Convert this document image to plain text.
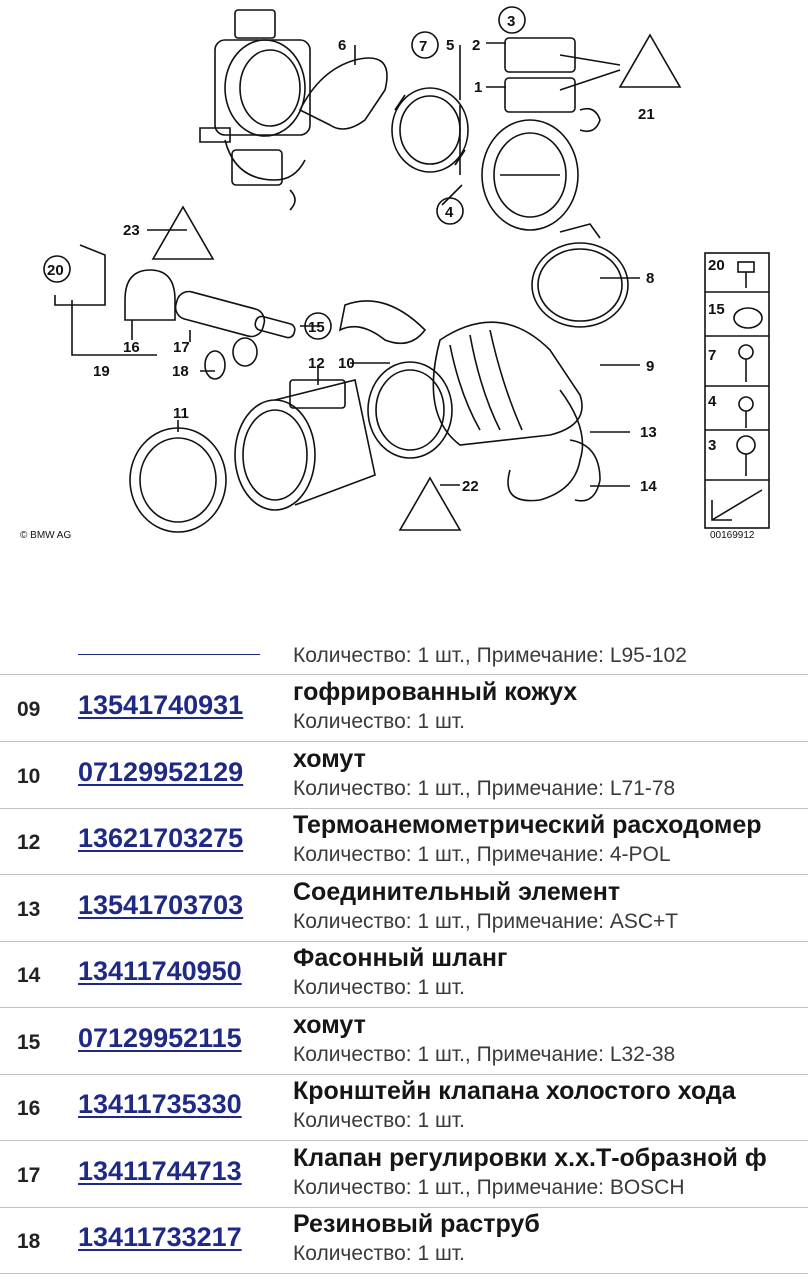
3
7 5 2
1
6
4
21
23
20	8
15
16 17
12 10	9
18
19
11
13
14
22
20
15
7
4
3
© BMW AG	00169912
Количество: 1 шт., Примечание: L95-102
09 13541740931 гофрированный кожух
Количество: 1 шт.
10 07129952129 хомут
Количество: 1 шт., Примечание: L71-78
12 13621703275 Термоанемометрический расходомер
Количество: 1 шт., Примечание: 4-POL
13 13541703703 Соединительный элемент
Количество: 1 шт., Примечание: ASC+T
14 13411740950 Фасонный шланг
Количество: 1 шт.
15 07129952115 хомут
Количество: 1 шт., Примечание: L32-38
16 13411735330 Кронштейн клапана холостого хода
Количество: 1 шт.
17 13411744713 Клапан регулировки х.х.Т-образной ф
Количество: 1 шт., Примечание: BOSCH
18 13411733217 Резиновый раструб
Количество: 1 шт.
